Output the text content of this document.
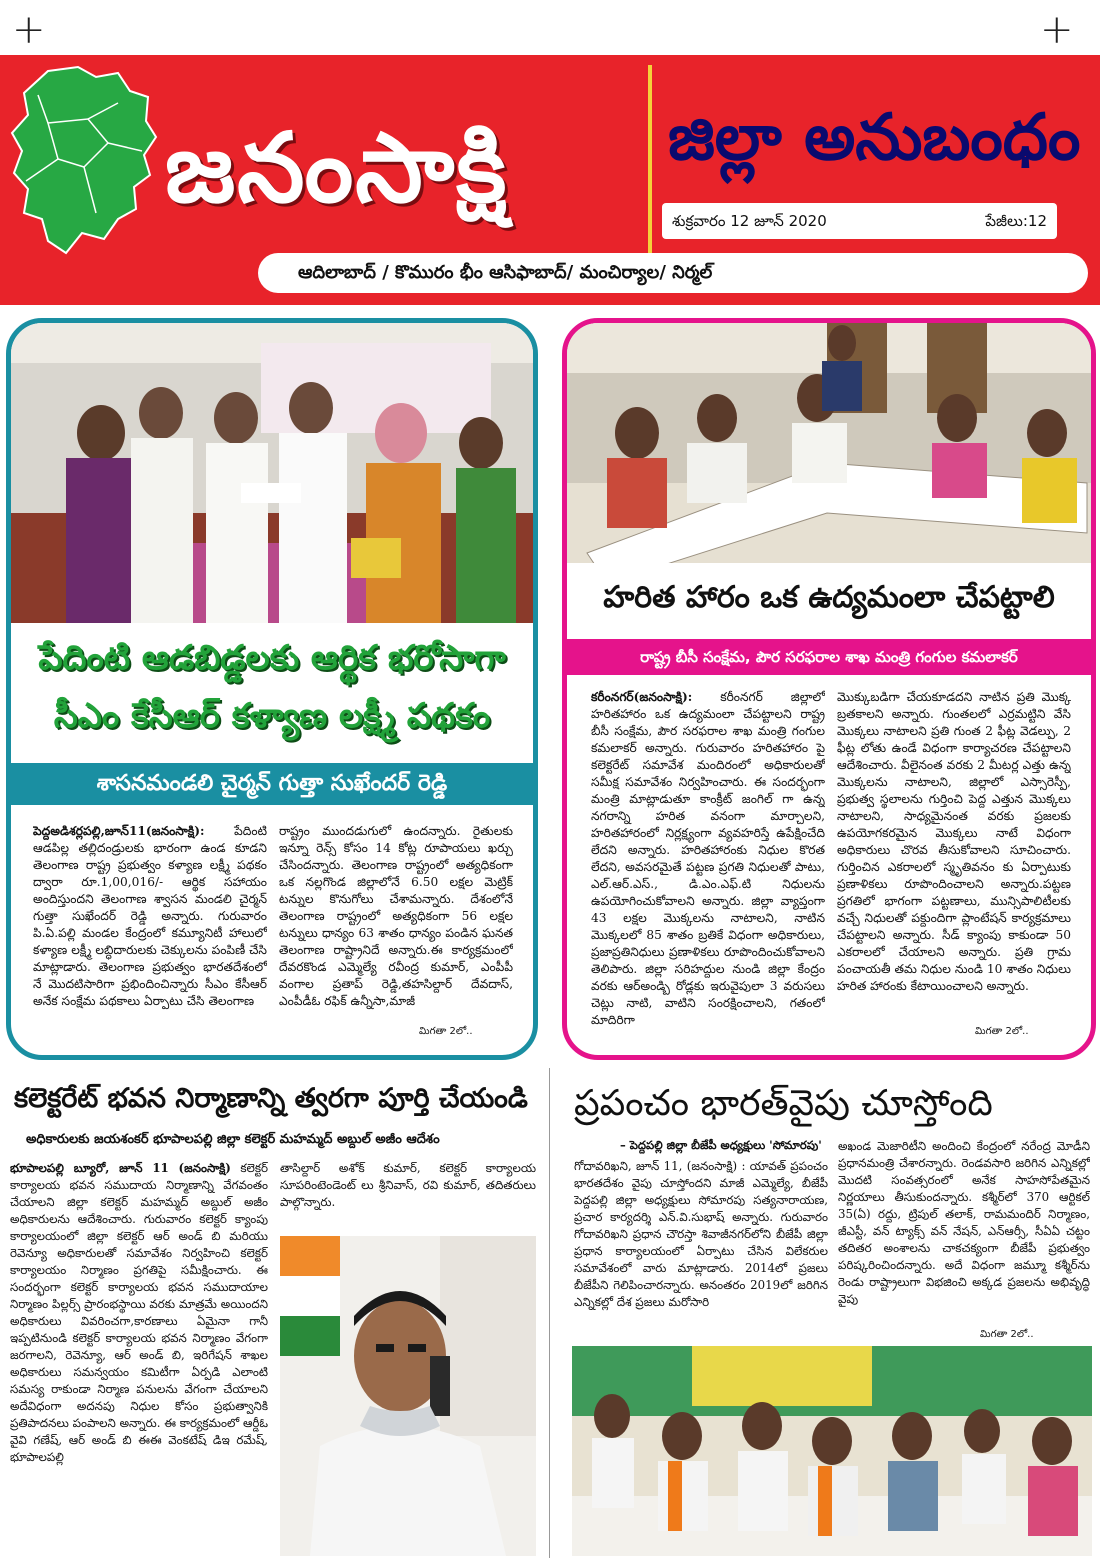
+	+
జనంసాక్షి	జిల్లా అనుబంధం
శుక్రవారం 12 జూన్ 2020	పేజీలు:12
ఆదిలాబాద్ / కొమురం భీం ఆసిఫాబాద్/ మంచిర్యాల/ నిర్మల్
పేదింటి ఆడబిడ్డలకు ఆర్థిక భరోసాగా
సీఎం కేసీఆర్ కళ్యాణ లక్ష్మీ పథకం
శాసనమండలి చైర్మన్ గుత్తా సుఖేందర్ రెడ్డి
పెద్దఅడిశర్లపల్లి,జూన్11(జనంసాక్షి): పేదింటి ఆడపిల్ల తల్లిదండ్రులకు భారంగా ఉండ కూడని తెలంగాణ రాష్ట్ర ప్రభుత్వం కళ్యాణ లక్ష్మీ పథకం ద్వారా రూ.1,00,016/- ఆర్థిక సహాయం అందిస్తుందని తెలంగాణ శ్వాసన మండలి చైర్మన్ గుత్తా సుఖేందర్ రెడ్డి అన్నారు. గురువారం పి.ఏ.పల్లి మండల కేంద్రంలో కమ్యూనిటీ హాలులో కళ్యాణ లక్ష్మీ లబ్ధిదారులకు చెక్కులను పంపిణీ చేసి మాట్లాడారు. తెలంగాణ ప్రభుత్వం భారతదేశంలో నే మొదటిసారిగా ప్రభిందించిన్నారు సీఎం కేసీఆర్ అనేక సంక్షేమ పథకాలు ఏర్పాటు చేసి తెలంగాణ
రాష్ట్రం ముందడుగులో ఉందన్నారు. రైతులకు ఇన్నూ రెన్స్ కోసం 14 కోట్ల రూపాయలు ఖర్చు చేసిందన్నారు. తెలంగాణ రాష్ట్రంలో అత్యధికంగా ఒక నల్లగొండ జిల్లాలోనే 6.50 లక్షల మెట్రిక్ టన్నుల కొనుగోలు చేశామన్నారు. దేశంలోనే తెలంగాణ రాష్ట్రంలో అత్యధికంగా 56 లక్షల టన్నులు ధాన్యం 63 శాతం ధాన్యం పండిన ఘనత తెలంగాణ రాష్ట్రానిదే అన్నారు.ఈ కార్యక్రమంలో దేవరకొండ ఎమ్మెల్యే రవీంద్ర కుమార్, ఎంపీపీ వంగాల ప్రతాప్ రెడ్డి,తహసిల్దార్ దేవదాస్, ఎంపీడీఓ రఫిక్ ఉన్నీసా,మాజీ
మిగతా 2లో..
హరిత హారం ఒక ఉద్యమంలా చేపట్టాలి
రాష్ట్ర బీసీ సంక్షేమ, పౌర సరఫరాల శాఖ మంత్రి గంగుల కమలాకర్
కరీంనగర్(జనంసాక్షి): కరీంనగర్ జిల్లాలో హరితహారం ఒక ఉద్యమంలా చేపట్టాలని రాష్ట్ర బీసీ సంక్షేమ, పౌర సరఫరాల శాఖ మంత్రి గంగుల కమలాకర్ అన్నారు. గురువారం హరితహారం పై కలెక్టరేట్ సమావేశ మందిరంలో అధికారులతో సమీక్ష సమావేశం నిర్వహించారు. ఈ సందర్భంగా మంత్రి మాట్లాడుతూ కాంక్రీట్ జంగిల్ గా ఉన్న నగరాన్ని హరిత వనంగా మార్చాలని, హరితహారంలో నిర్లక్ష్యంగా వ్యవహరిస్తే ఉపేక్షించేది లేదని అన్నారు. హరితహారంకు నిధుల కొరత లేదని, అవసరమైతే పట్టణ ప్రగతి నిధులతో పాటు, ఎల్.ఆర్.ఎస్., డి.ఎం.ఎఫ్.టి నిధులను ఉపయోగించుకోవాలని అన్నారు. జిల్లా వ్యాప్తంగా 43 లక్షల మొక్కలను నాటాలని, నాటిన మొక్కలలో 85 శాతం బ్రతికే విధంగా అధికారులు, ప్రజాప్రతినిధులు ప్రణాళికలు రూపొందించుకోవాలని తెలిపారు. జిల్లా సరిహద్దుల నుండి జిల్లా కేంద్రం వరకు ఆర్అండ్బి రోడ్లకు ఇరువైపులా 3 వరుసలు చెట్లు నాటి, వాటిని సంరక్షించాలని, గతంలో మాదిరిగా
మొక్కుబడిగా చేయకూడదని నాటిన ప్రతి మొక్క బ్రతకాలని అన్నారు. గుంతలలో ఎర్రమట్టిని వేసి మొక్కలు నాటాలని ప్రతి గుంత 2 ఫీట్ల వెడల్పు, 2 ఫీట్ల లోతు ఉండే విధంగా కార్యాచరణ చేపట్టాలని ఆదేశించారు. వీలైనంత వరకు 2 మీటర్ల ఎత్తు ఉన్న మొక్కలను నాటాలని, జిల్లాలో ఎస్సారెస్పీ, ప్రభుత్వ స్థలాలను గుర్తించి పెద్ద ఎత్తున మొక్కలు నాటాలని, సాధ్యమైనంత వరకు ప్రజలకు ఉపయోగకరమైన మొక్కలు నాటే విధంగా అధికారులు చొరవ తీసుకోవాలని సూచించారు. గుర్తించిన ఎకరాలలో స్మృతివనం కు ఏర్పాటుకు ప్రణాళికలు రూపొందించాలని అన్నారు.పట్టణ ప్రగతిలో భాగంగా పట్టణాలు, మున్సిపాలిటీలకు వచ్చే నిధులతో పక్దుందిగా ప్లాంటేషన్ కార్యక్రమాలు చేపట్టాలని అన్నారు. సీడ్ క్యాంపు కాకుండా 50 ఎకరాలలో చేయాలని అన్నారు. ప్రతి గ్రామ పంచాయతీ తమ నిధుల నుండి 10 శాతం నిధులు హరిత హారంకు కేటాయించాలని అన్నారు.
మిగతా 2లో..
కలెక్టరేట్ భవన నిర్మాణాన్ని త్వరగా పూర్తి చేయండి
అధికారులకు జయశంకర్ భూపాలపల్లి జిల్లా కలెక్టర్ మహమ్మద్ అబ్దుల్ అజీం ఆదేశం
భూపాలపల్లి బ్యూరో, జూన్ 11 (జనంసాక్షి) కలెక్టర్ కార్యాలయ భవన సముదాయ నిర్మాణాన్ని వేగవంతం చేయాలని జిల్లా కలెక్టర్ మహమ్మద్ అబ్దుల్ అజీం అధికారులను ఆదేశించారు. గురువారం కలెక్టర్ క్యాంపు కార్యాలయంలో జిల్లా కలెక్టర్ ఆర్ అండ్ బి మరియు రెవెన్యూ అధికారులతో సమావేశం నిర్వహించి కలెక్టర్ కార్యాలయం నిర్మాణం ప్రగతిపై సమీక్షించారు. ఈ సందర్భంగా కలెక్టర్ కార్యాలయ భవన సముదాయాల నిర్మాణం పిల్లర్స్ ప్రారంభస్థాయి వరకు మాత్రమే అయిందని అధికారులు వివరించగా,కారణాలు ఏమైనా గానీ ఇప్పటినుండి కలెక్టర్ కార్యాలయ భవన నిర్మాణం వేగంగా జరగాలని, రెవెన్యూ, ఆర్ అండ్ బి, ఇరిగేషన్ శాఖల అధికారులు సమన్వయం కమిటీగా ఏర్పడి ఎలాంటి సమస్య రాకుండా నిర్మాణ పనులను వేగంగా చేయాలని అదేవిధంగా అదనపు నిధుల కోసం ప్రభుత్వానికి ప్రతిపాదనలు పంపాలని అన్నారు. ఈ కార్యక్రమంలో ఆర్డీఓ వైవి గణేష్, ఆర్ అండ్ బి ఈఈ వెంకటేష్ డిఇ రమేష్, భూపాలపల్లి
తాసిల్దార్ అశోక్ కుమార్, కలెక్టర్ కార్యాలయ సూపరింటెండెంట్ లు శ్రీనివాస్, రవి కుమార్, తదితరులు పాల్గొన్నారు.
ప్రపంచం భారత్‌వైపు చూస్తోంది
– పెద్దపల్లి జిల్లా బీజేపీ అధ్యక్షులు 'సోమారపు'
గోదావరిఖని, జూన్ 11, (జనంసాక్షి) : యావత్ ప్రపంచం భారతదేశం వైపు చూస్తోందని మాజీ ఎమ్మెల్యే, బీజేపీ పెద్దపల్లి జిల్లా అధ్యక్షులు సోమారపు సత్యనారాయణ, ప్రచార కార్యదర్శి ఎన్.వి.సుభాష్ అన్నారు. గురువారం గోదావరిఖని ప్రధాన చౌరస్తా శివాజీనగర్‌లోని బీజేపీ జిల్లా ప్రధాన కార్యాలయంలో ఏర్పాటు చేసిన విలేకరుల సమావేశంలో వారు మాట్లాడారు. 2014లో ప్రజలు బీజేపీని గెలిపించారన్నారు. అనంతరం 2019లో జరిగిన ఎన్నికల్లో దేశ ప్రజలు మరోసారి
అఖండ మెజారిటీని అందించి కేంద్రంలో నరేంద్ర మోడీని ప్రధానమంత్రి చేశారన్నారు. రెండవసారి జరిగిన ఎన్నికల్లో మొదటి సంవత్సరంలో అనేక సాహసోపేతమైన నిర్ణయాలు తీసుకుందన్నారు. కశ్మీర్‌లో 370 ఆర్టికల్ 35(ఏ) రద్దు, ట్రిపుల్ తలాక్, రామమందిర్ నిర్మాణం, జీఎస్టీ, వన్ ట్యాక్స్ వన్ నేషన్, ఎన్ఆర్సీ, సీఏఏ చట్టం తదితర అంశాలను చాకచక్యంగా బీజేపీ ప్రభుత్వం పరిష్కరించిందన్నారు. అదే విధంగా జమ్మూ కశ్మీర్‌ను రెండు రాష్ట్రాలుగా విభజించి అక్కడ ప్రజలను అభివృద్ధి వైపు
మిగతా 2లో..
